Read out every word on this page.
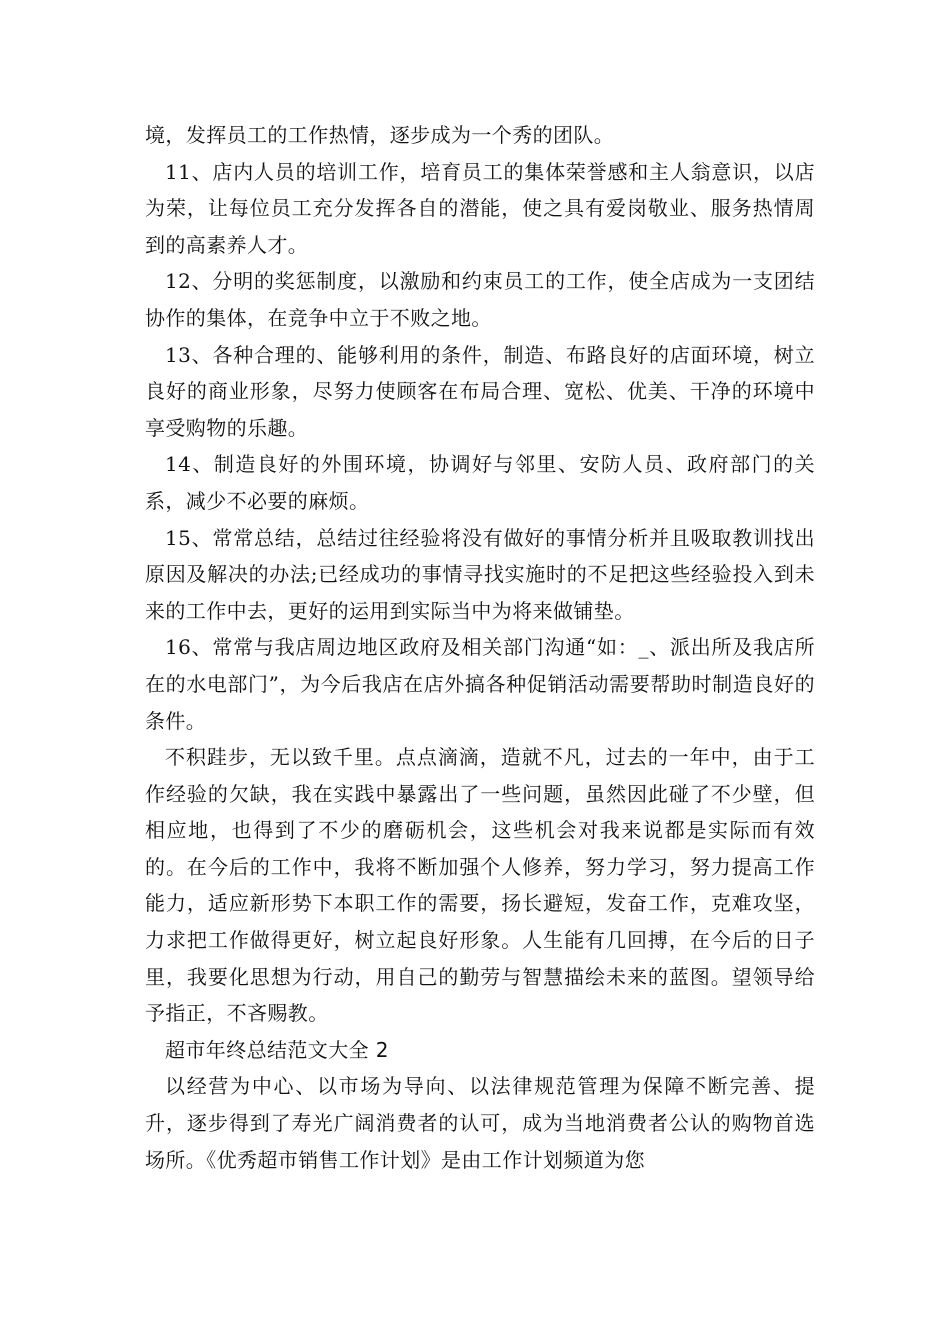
境，发挥员工的工作热情，逐步成为一个秀的团队。

11、店内人员的培训工作，培育员工的集体荣誉感和主人翁意识，以店为荣，让每位员工充分发挥各自的潜能，使之具有爱岗敬业、服务热情周到的高素养人才。

12、分明的奖惩制度，以激励和约束员工的工作，使全店成为一支团结协作的集体，在竞争中立于不败之地。

13、各种合理的、能够利用的条件，制造、布路良好的店面环境，树立良好的商业形象，尽努力使顾客在布局合理、宽松、优美、干净的环境中享受购物的乐趣。

14、制造良好的外围环境，协调好与邻里、安防人员、政府部门的关系，减少不必要的麻烦。

15、常常总结，总结过往经验将没有做好的事情分析并且吸取教训找出原因及解决的办法;已经成功的事情寻找实施时的不足把这些经验投入到未来的工作中去，更好的运用到实际当中为将来做铺垫。

16、常常与我店周边地区政府及相关部门沟通“如：_、派出所及我店所在的水电部门”，为今后我店在店外搞各种促销活动需要帮助时制造良好的条件。

不积跬步，无以致千里。点点滴滴，造就不凡，过去的一年中，由于工作经验的欠缺，我在实践中暴露出了一些问题，虽然因此碰了不少壁，但相应地，也得到了不少的磨砺机会，这些机会对我来说都是实际而有效的。在今后的工作中，我将不断加强个人修养，努力学习，努力提高工作能力，适应新形势下本职工作的需要，扬长避短，发奋工作，克难攻坚，力求把工作做得更好，树立起良好形象。人生能有几回搏，在今后的日子里，我要化思想为行动，用自己的勤劳与智慧描绘未来的蓝图。望领导给予指正，不吝赐教。

超市年终总结范文大全 2

以经营为中心、以市场为导向、以法律规范管理为保障不断完善、提升，逐步得到了寿光广阔消费者的认可，成为当地消费者公认的购物首选场所。《优秀超市销售工作计划》是由工作计划频道为您
